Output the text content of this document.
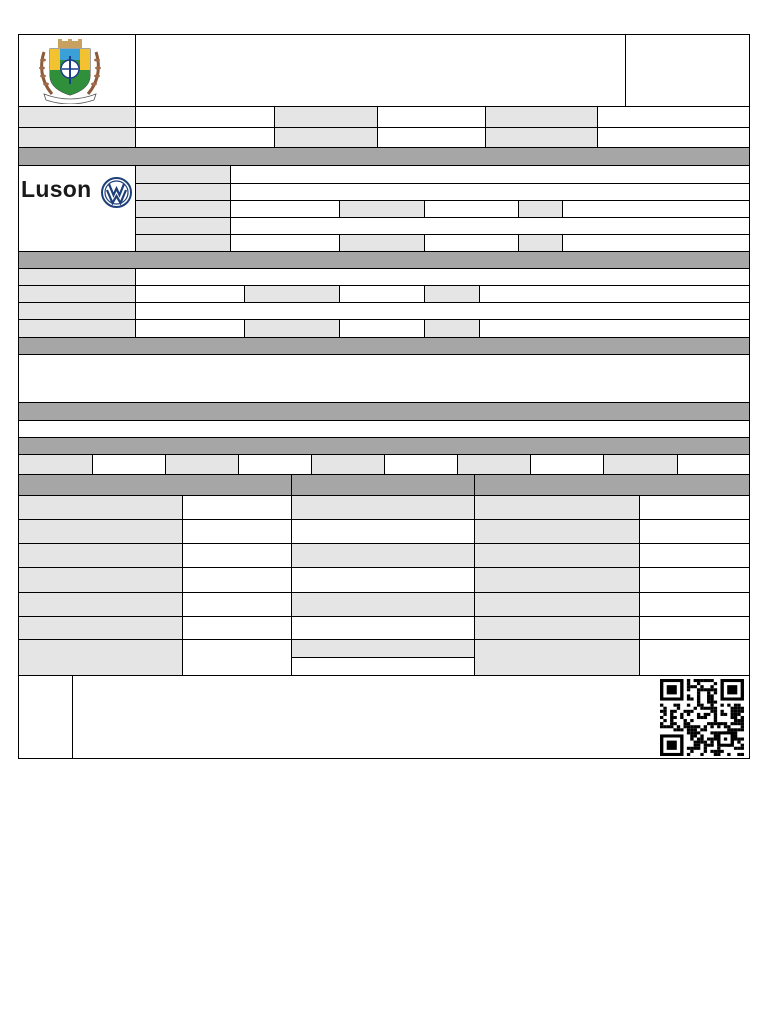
Luson
